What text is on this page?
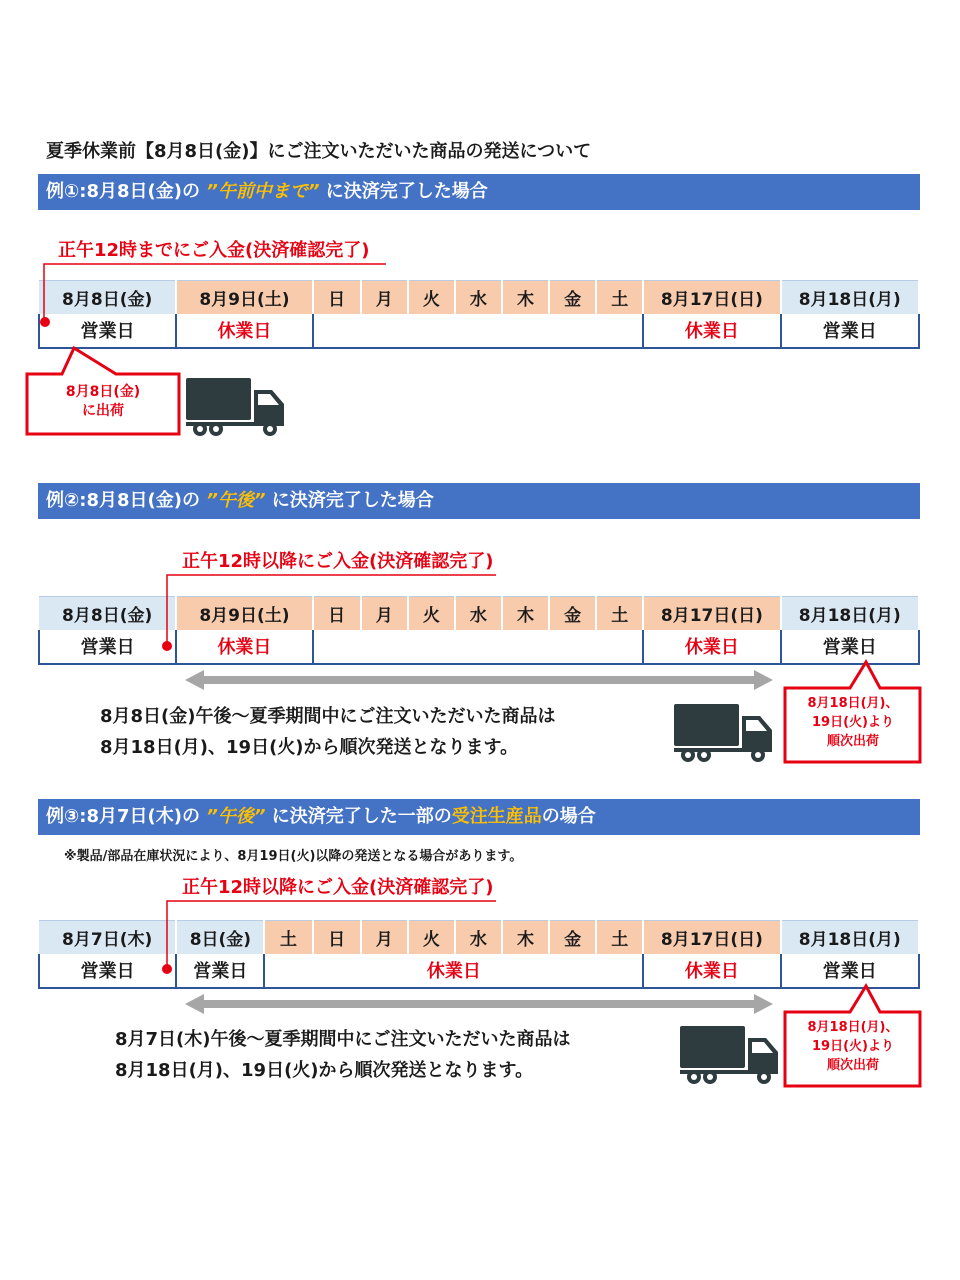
夏季休業前【8月8日(金)】にご注文いただいた商品の発送について
例①:8月8日(金)の ”午前中まで” に決済完了した場合
正午12時までにご入金(決済確認完了)
8月8日(金)	8月9日(土)	日	月	火	水	木	金	土	8月17日(日)	8月18日(月)
営業日	休業日								休業日	営業日
8月8日(金)
に出荷
例②:8月8日(金)の ”午後” に決済完了した場合
正午12時以降にご入金(決済確認完了)
8月8日(金)	8月9日(土)	日	月	火	水	木	金	土	8月17日(日)	8月18日(月)
営業日	休業日								休業日	営業日
8月8日(金)午後～夏季期間中にご注文いただいた商品は
8月18日(月)、19日(火)から順次発送となります。
8月18日(月)、
19日(火)より
順次出荷
例③:8月7日(木)の ”午後” に決済完了した一部の受注生産品の場合
※製品/部品在庫状況により、8月19日(火)以降の発送となる場合があります。
正午12時以降にご入金(決済確認完了)
8月7日(木)	8日(金)	土	日	月	火	水	木	金	土	8月17日(日)	8月18日(月)
営業日	営業日	休業日								休業日	営業日
8月7日(木)午後～夏季期間中にご注文いただいた商品は
8月18日(月)、19日(火)から順次発送となります。
8月18日(月)、
19日(火)より
順次出荷
